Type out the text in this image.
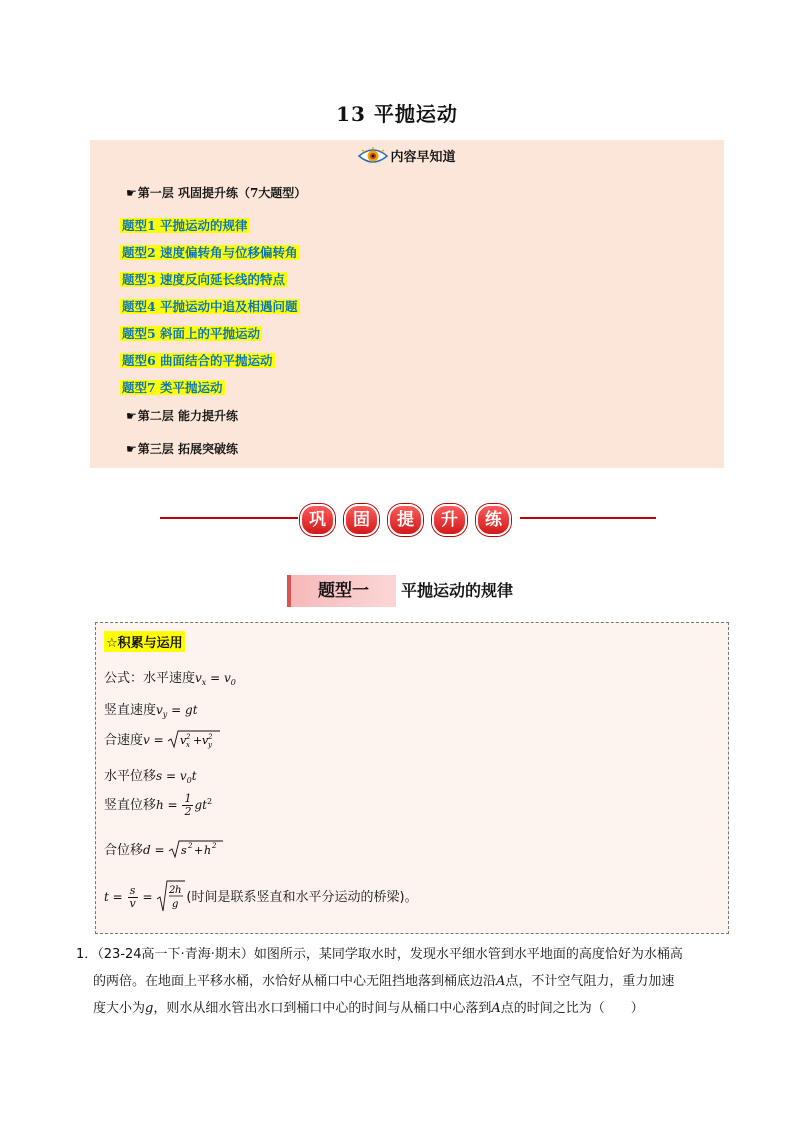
13 平抛运动
内容早知道
☛第一层 巩固提升练（7大题型）
题型1 平抛运动的规律
题型2 速度偏转角与位移偏转角
题型3 速度反向延长线的特点
题型4 平抛运动中追及相遇问题
题型5 斜面上的平抛运动
题型6 曲面结合的平抛运动
题型7 类平抛运动
☛第二层 能力提升练
☛第三层 拓展突破练
巩	固	提	升	练
题型一	平抛运动的规律
☆积累与运用
公式：水平速度$v_x = v_0$
竖直速度$v_y$ = gt
合速度v = v 2
x + v 2
y
水平位移$s = v_0t$
竖直位移$h = \frac{1}{2} gt^2$
合位移d = s 2 + h 2
$t = \frac{s}{v} = 2$ h
g (时间是联系竖直和水平分运动的桥梁)。
1．（23-24高一下·青海·期末）如图所示，某同学取水时，发现水平细水管到水平地面的高度恰好为水桶高
的两倍。在地面上平移水桶，水恰好从桶口中心无阻挡地落到桶底边沿A点，不计空气阻力，重力加速
度大小为g，则水从细水管出水口到桶口中心的时间与从桶口中心落到A点的时间之比为（　　）
